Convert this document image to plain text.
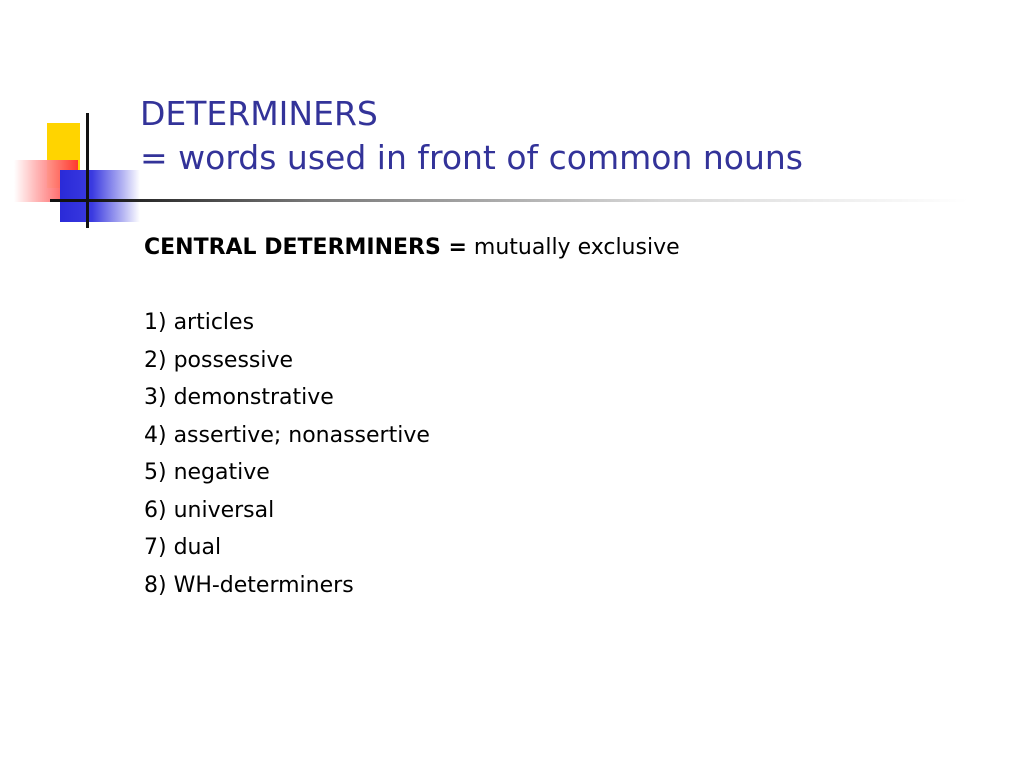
DETERMINERS
= words used in front of common nouns
CENTRAL DETERMINERS = mutually exclusive
1) articles
2) possessive
3) demonstrative
4) assertive; nonassertive
5) negative
6) universal
7) dual
8) WH-determiners
